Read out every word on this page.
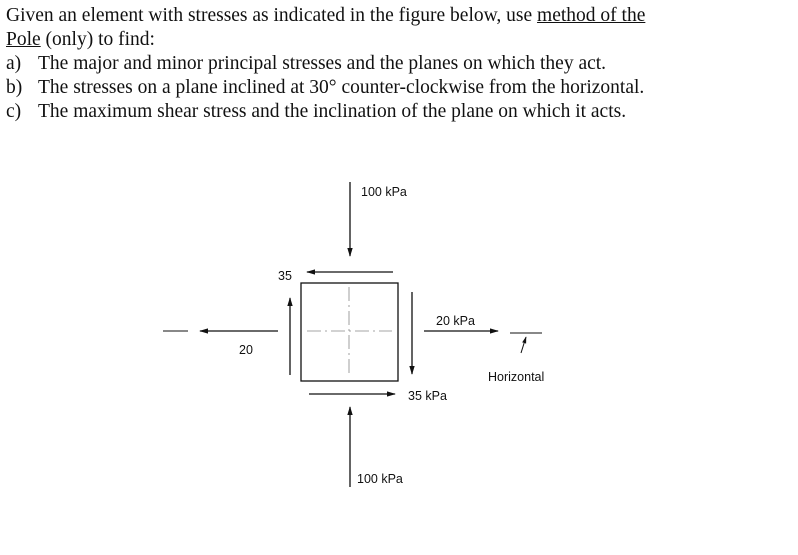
Given an element with stresses as indicated in the figure below, use method of the
Pole (only) to find:

a) The major and minor principal stresses and the planes on which they act.
b) The stresses on a plane inclined at 30° counter-clockwise from the horizontal.
c) The maximum shear stress and the inclination of the plane on which it acts.
100 kPa
100 kPa
35
35 kPa
20
20 kPa
Horizontal
